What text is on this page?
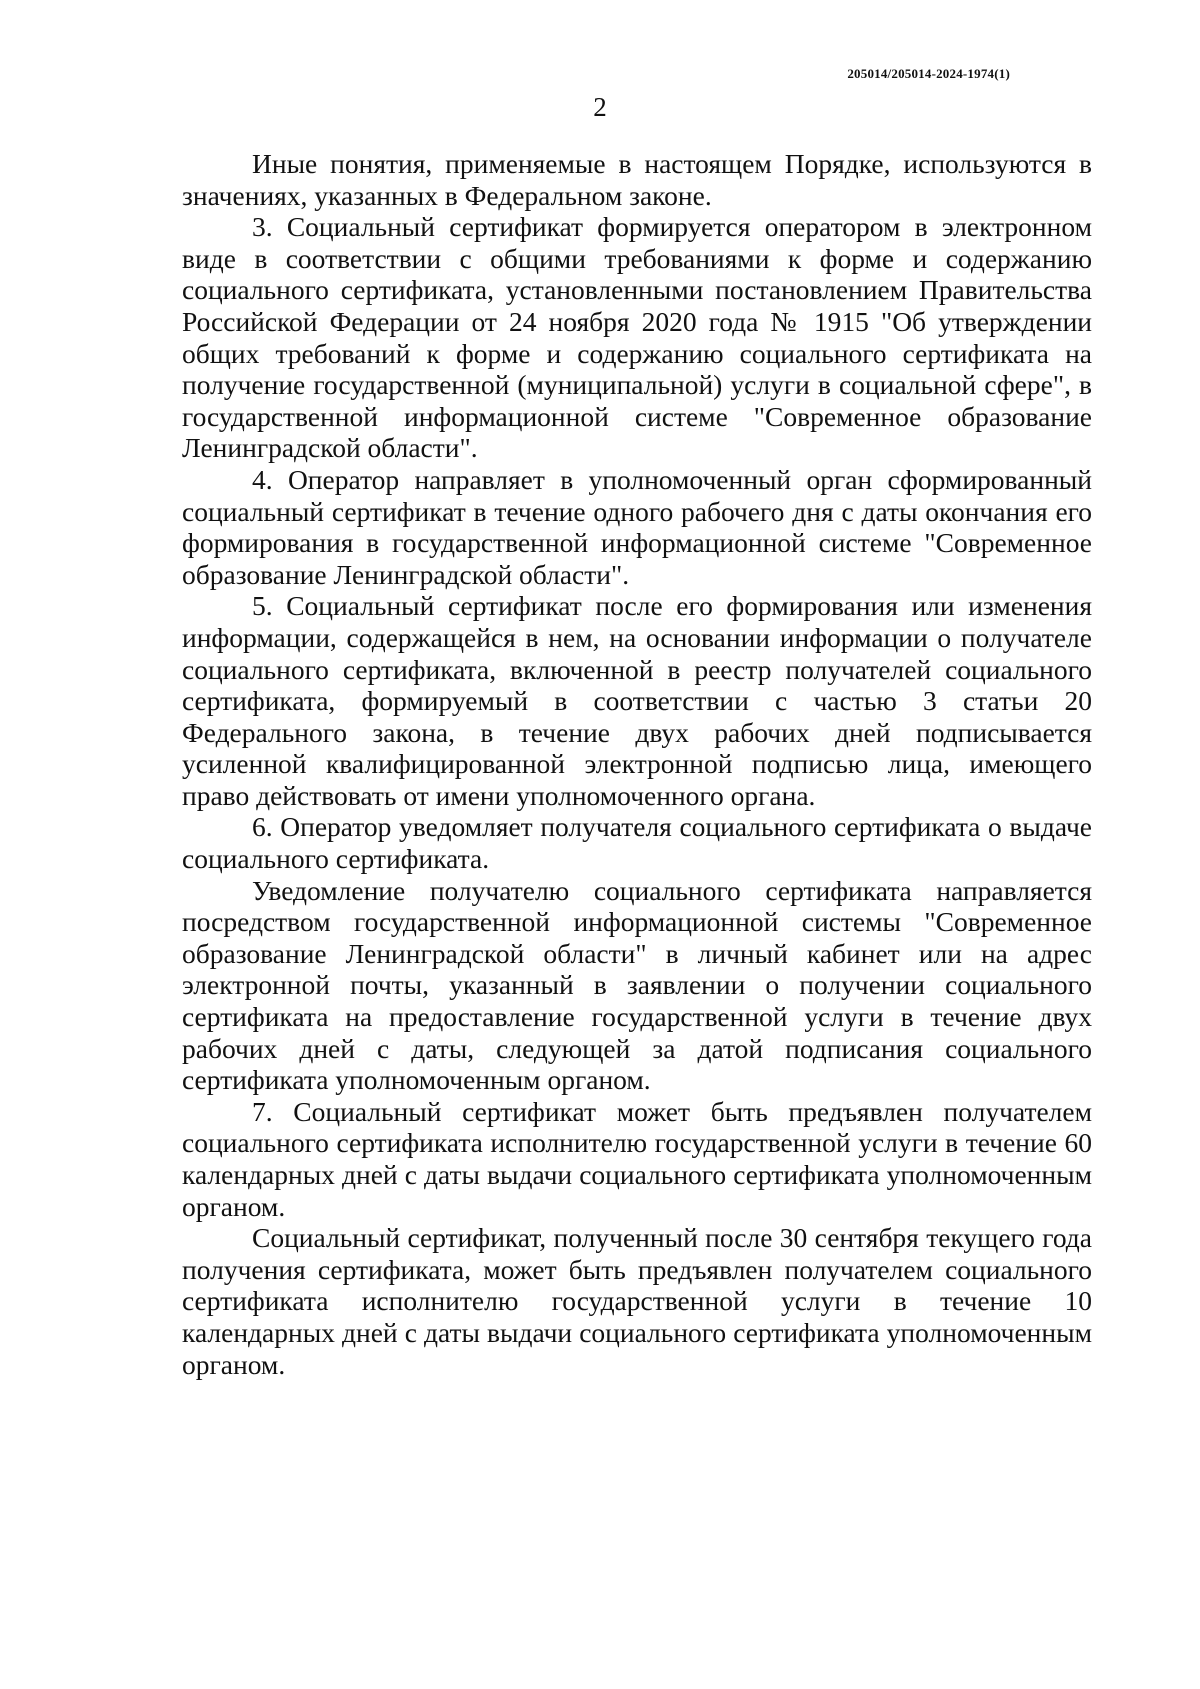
205014/205014-2024-1974(1)
2

Иные понятия, применяемые в настоящем Порядке, используются в значениях, указанных в Федеральном законе.

3. Социальный сертификат формируется оператором в электронном виде в соответствии с общими требованиями к форме и содержанию социального сертификата, установленными постановлением Правительства Российской Федерации от 24 ноября 2020 года № 1915 "Об утверждении общих требований к форме и содержанию социального сертификата на получение государственной (муниципальной) услуги в социальной сфере", в государственной информационной системе "Современное образование Ленинградской области".

4. Оператор направляет в уполномоченный орган сформированный социальный сертификат в течение одного рабочего дня с даты окончания его формирования в государственной информационной системе "Современное образование Ленинградской области".

5. Социальный сертификат после его формирования или изменения информации, содержащейся в нем, на основании информации о получателе социального сертификата, включенной в реестр получателей социального сертификата, формируемый в соответствии с частью 3 статьи 20 Федерального закона, в течение двух рабочих дней подписывается усиленной квалифицированной электронной подписью лица, имеющего право действовать от имени уполномоченного органа.

6. Оператор уведомляет получателя социального сертификата о выдаче социального сертификата.

Уведомление получателю социального сертификата направляется посредством государственной информационной системы "Современное образование Ленинградской области" в личный кабинет или на адрес электронной почты, указанный в заявлении о получении социального сертификата на предоставление государственной услуги в течение двух рабочих дней с даты, следующей за датой подписания социального сертификата уполномоченным органом.

7. Социальный сертификат может быть предъявлен получателем социального сертификата исполнителю государственной услуги в течение 60 календарных дней с даты выдачи социального сертификата уполномоченным органом.

Социальный сертификат, полученный после 30 сентября текущего года получения сертификата, может быть предъявлен получателем социального сертификата исполнителю государственной услуги в течение 10 календарных дней с даты выдачи социального сертификата уполномоченным органом.
